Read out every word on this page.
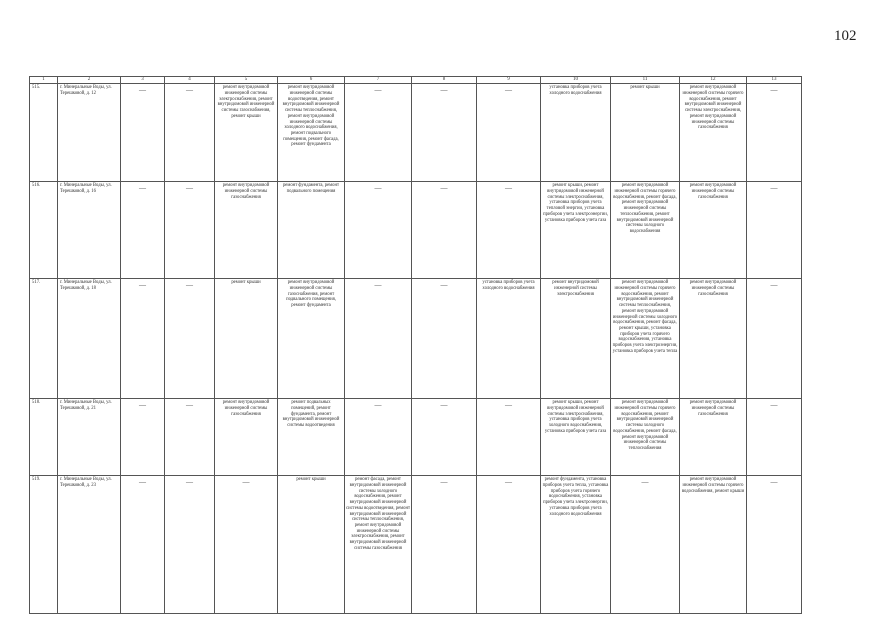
102
1	2	3	4	5	6	7	8	9	10	11	12	13
515.	г. Минеральные Воды, ул. Терешковой, д. 12	—	—	ремонт внутридомовой инженерной системы электроснабжения, ремонт внутридомовой инженерной системы газоснабжения, ремонт крыши	ремонт внутридомовой инженерной системы водоотведения, ремонт внутридомовой инженерной системы теплоснабжения, ремонт внутридомовой инженерной системы холодного водоснабжения, ремонт подвального помещения, ремонт фасада, ремонт фундамента	—	—	—	установка приборов учета холодного водоснабжения	ремонт крыши	ремонт внутридомовой инженерной системы горячего водоснабжения, ремонт внутридомовой инженерной системы электроснабжения, ремонт внутридомовой инженерной системы газоснабжения	—
516.	г. Минеральные Воды, ул. Терешковой, д. 16	—	—	ремонт внутридомовой инженерной системы газоснабжения	ремонт фундамента, ремонт подвального помещения	—	—	—	ремонт крыши, ремонт внутридомовой инженерной системы электроснабжения, установка приборов учета тепловой энергии, установка приборов учета электроэнергии, установка приборов учета газа	ремонт внутридомовой инженерной системы горячего водоснабжения, ремонт фасада, ремонт внутридомовой инженерной системы теплоснабжения, ремонт внутридомовой инженерной системы холодного водоснабжения	ремонт внутридомовой инженерной системы газоснабжения	—
517.	г. Минеральные Воды, ул. Терешковой, д. 18	—	—	ремонт крыши	ремонт внутридомовой инженерной системы газоснабжения, ремонт подвального помещения, ремонт фундамента	—	—	установка приборов учета холодного водоснабжения	ремонт внутридомовой инженерной системы электроснабжения	ремонт внутридомовой инженерной системы горячего водоснабжения, ремонт внутридомовой инженерной системы теплоснабжения, ремонт внутридомовой инженерной системы холодного водоснабжения, ремонт фасада, ремонт крыши, установка приборов учета горячего водоснабжения, установка приборов учета электроэнергии, установка приборов учета тепла	ремонт внутридомовой инженерной системы газоснабжения	—
518.	г. Минеральные Воды, ул. Терешковой, д. 21	—	—	ремонт внутридомовой инженерной системы газоснабжения	ремонт подвальных помещений, ремонт фундамента, ремонт внутридомовой инженерной системы водоотведения	—	—	—	ремонт крыши, ремонт внутридомовой инженерной системы электроснабжения, установка приборов учета холодного водоснабжения, установка приборов учета газа	ремонт внутридомовой инженерной системы горячего водоснабжения, ремонт внутридомовой инженерной системы холодного водоснабжения, ремонт фасада, ремонт внутридомовой инженерной системы теплоснабжения	ремонт внутридомовой инженерной системы газоснабжения	—
519.	г. Минеральные Воды, ул. Терешковой, д. 23	—	—	—	ремонт крыши	ремонт фасада, ремонт внутридомовой инженерной системы холодного водоснабжения, ремонт внутридомовой инженерной системы водоотведения, ремонт внутридомовой инженерной системы теплоснабжения, ремонт внутридомовой инженерной системы электроснабжения, ремонт внутридомовой инженерной системы газоснабжения	—	—	ремонт фундамента, установка приборов учета тепла, установка приборов учета горячего водоснабжения, установка приборов учета электроэнергии, установка приборов учета холодного водоснабжения	—	ремонт внутридомовой инженерной системы горячего водоснабжения, ремонт крыши	—
